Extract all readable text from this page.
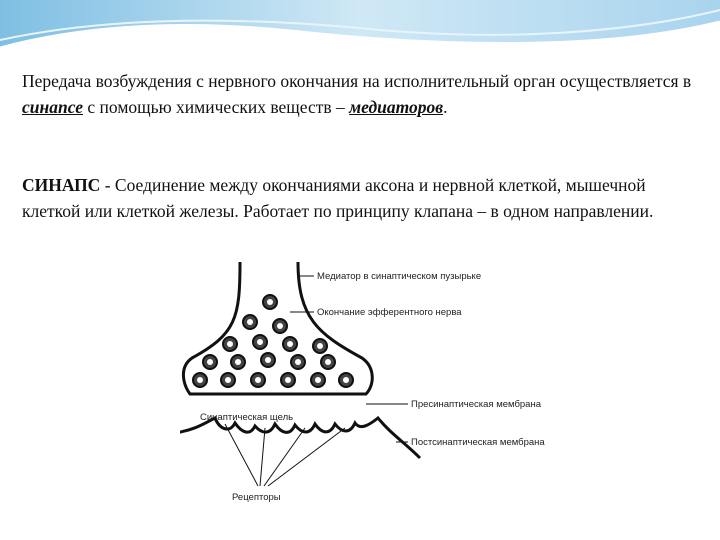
Передача возбуждения с нервного окончания на исполнительный орган осуществляется в синапсе с помощью химических веществ – медиаторов.
СИНАПС - Соединение между окончаниями аксона и нервной клеткой, мышечной клеткой или клеткой железы. Работает по принципу клапана – в одном направлении.
Медиатор в синаптическом пузырьке
Окончание эфферентного нерва
Пресинаптическая мембрана
Синаптическая щель
Постсинаптическая мембрана
Рецепторы
